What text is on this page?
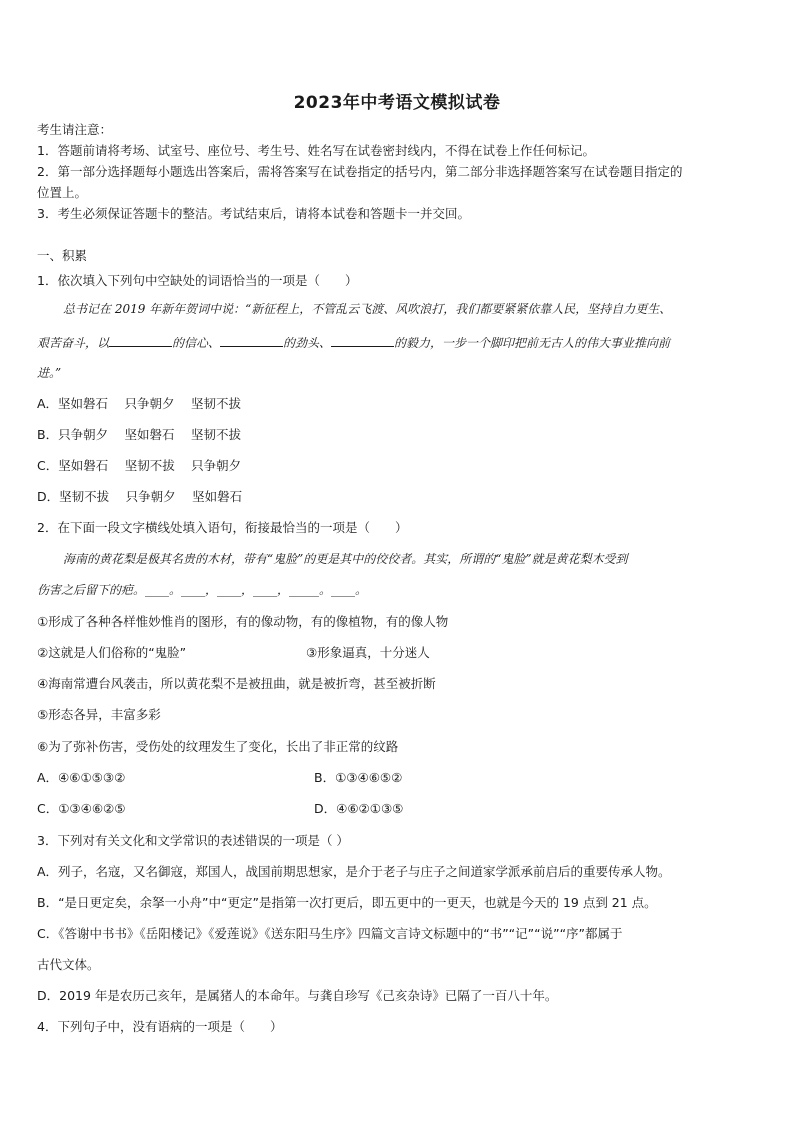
2023年中考语文模拟试卷
考生请注意：
1．答题前请将考场、试室号、座位号、考生号、姓名写在试卷密封线内，不得在试卷上作任何标记。
2．第一部分选择题每小题选出答案后，需将答案写在试卷指定的括号内，第二部分非选择题答案写在试卷题目指定的
位置上。
3．考生必须保证答题卡的整洁。考试结束后，请将本试卷和答题卡一并交回。
一、积累
1．依次填入下列句中空缺处的词语恰当的一项是（　　）
总书记在 2019 年新年贺词中说：“新征程上，不管乱云飞渡、风吹浪打，我们都要紧紧依靠人民，坚持自力更生、
艰苦奋斗，以	的信心、	的劲头、	的毅力，一步一个脚印把前无古人的伟大事业推向前
进。”
A．坚如磐石　 只争朝夕　 坚韧不拔
B．只争朝夕　 坚如磐石　 坚韧不拔
C．坚如磐石　 坚韧不拔　 只争朝夕
D．坚韧不拔　 只争朝夕　 坚如磐石
2．在下面一段文字横线处填入语句，衔接最恰当的一项是（　　）
海南的黄花梨是极其名贵的木材，带有“鬼脸”的更是其中的佼佼者。其实，所谓的“鬼脸”就是黄花梨木受到
伤害之后留下的疤。____。____，____，____，_____。____。
①形成了各种各样惟妙惟肖的图形，有的像动物，有的像植物，有的像人物
②这就是人们俗称的“鬼脸”	③形象逼真，十分迷人
④海南常遭台风袭击，所以黄花梨不是被扭曲，就是被折弯，甚至被折断
⑤形态各异，丰富多彩
⑥为了弥补伤害，受伤处的纹理发生了变化，长出了非正常的纹路
A．④⑥①⑤③②	B．①③④⑥⑤②
C．①③④⑥②⑤	D．④⑥②①③⑤
3．下列对有关文化和文学常识的表述错误的一项是（ ）
A．列子，名寇，又名御寇，郑国人，战国前期思想家，是介于老子与庄子之间道家学派承前启后的重要传承人物。
B．“是日更定矣，余拏一小舟”中“更定”是指第一次打更后，即五更中的一更天，也就是今天的 19 点到 21 点。
C．《答谢中书书》《岳阳楼记》《爱莲说》《送东阳马生序》四篇文言诗文标题中的“书”“记”“说”“序”都属于
古代文体。
D．2019 年是农历己亥年，是属猪人的本命年。与龚自珍写《己亥杂诗》已隔了一百八十年。
4．下列句子中，没有语病的一项是（　　）
